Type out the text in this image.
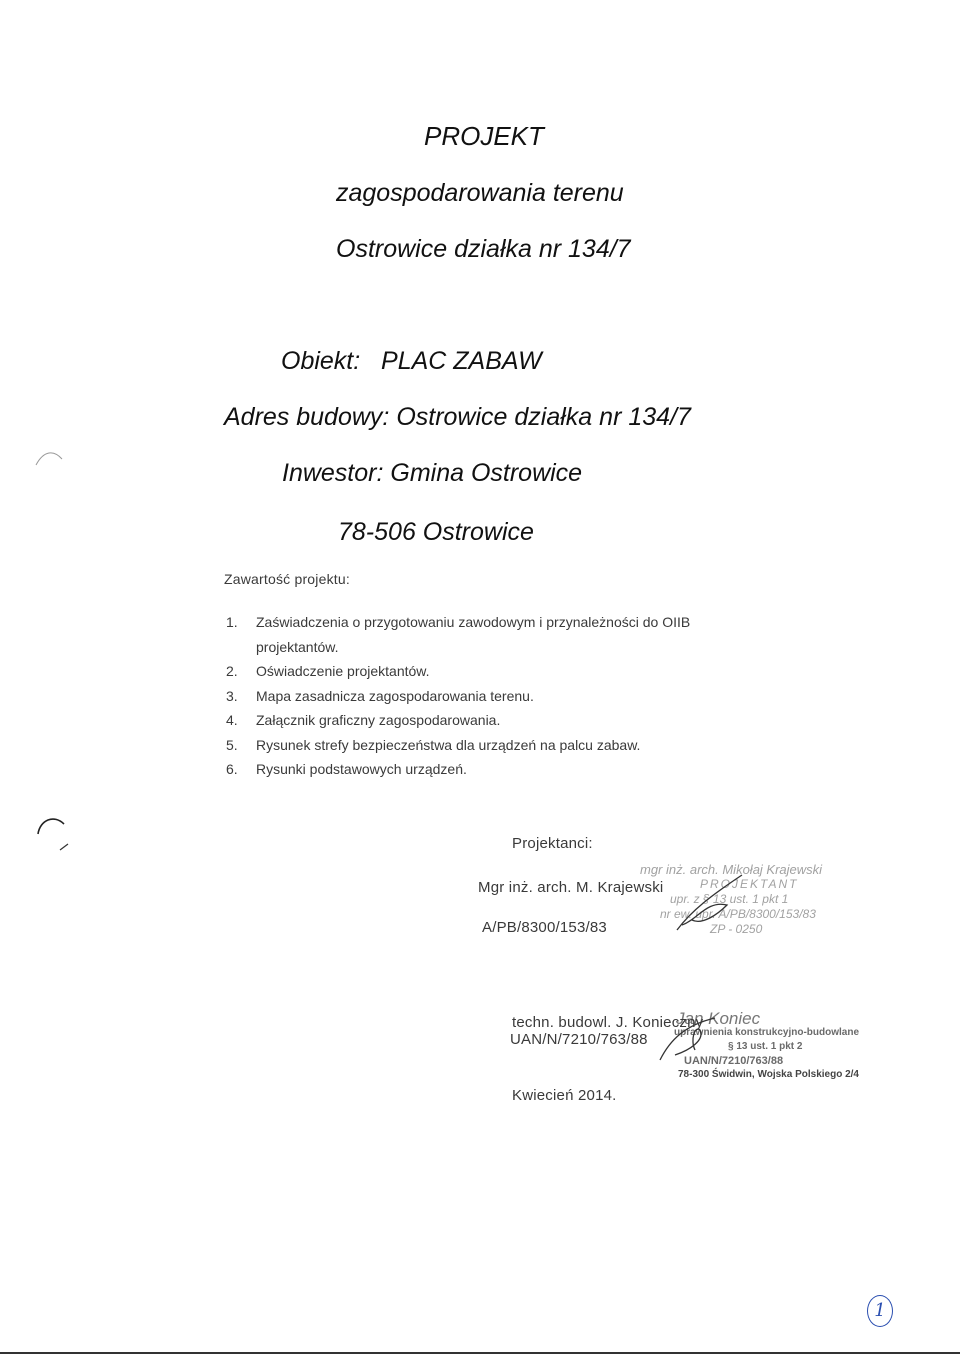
PROJEKT
zagospodarowania terenu
Ostrowice działka nr 134/7
Obiekt:   PLAC ZABAW
Adres budowy: Ostrowice działka nr 134/7
Inwestor: Gmina Ostrowice
78-506 Ostrowice
Zawartość projektu:
1. Zaświadczenia o przygotowaniu zawodowym i przynależności do OIIB
projektantów.
2. Oświadczenie projektantów.
3. Mapa zasadnicza zagospodarowania terenu.
4. Załącznik graficzny zagospodarowania.
5. Rysunek strefy bezpieczeństwa dla urządzeń na palcu zabaw.
6. Rysunki podstawowych urządzeń.
Projektanci:
mgr inż. arch. Mikołaj Krajewski
PROJEKTANT
upr. z § 13 ust. 1 pkt 1
nr ew. upr. A/PB/8300/153/83
ZP - 0250
Mgr inż. arch. M. Krajewski
A/PB/8300/153/83
Jan Koniec
uprawnienia konstrukcyjno-budowlane
§ 13 ust. 1 pkt 2
UAN/N/7210/763/88
78-300 Świdwin, Wojska Polskiego 2/4
techn. budowl. J. Konieczny
UAN/N/7210/763/88
Kwiecień 2014.
1
